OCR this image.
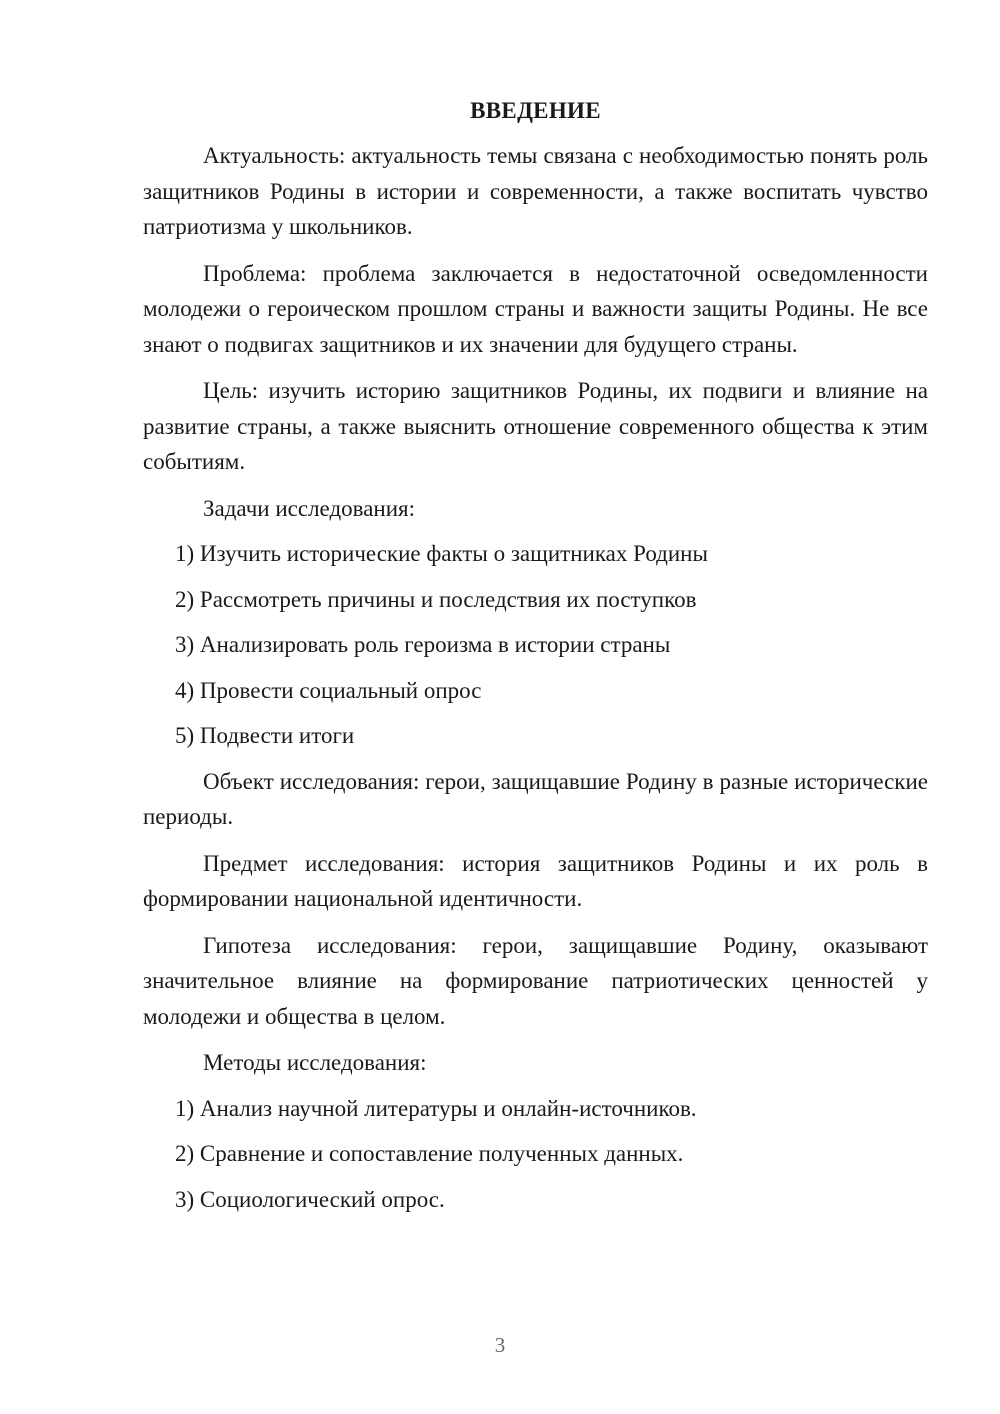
ВВЕДЕНИЕ

Актуальность: актуальность темы связана с необходимостью понять роль защитников Родины в истории и современности, а также воспитать чувство патриотизма у школьников.

Проблема: проблема заключается в недостаточной осведомленности молодежи о героическом прошлом страны и важности защиты Родины. Не все знают о подвигах защитников и их значении для будущего страны.

Цель: изучить историю защитников Родины, их подвиги и влияние на развитие страны, а также выяснить отношение современного общества к этим событиям.

Задачи исследования:

1) Изучить исторические факты о защитниках Родины

2) Рассмотреть причины и последствия их поступков

3) Анализировать роль героизма в истории страны

4) Провести социальный опрос

5) Подвести итоги

Объект исследования: герои, защищавшие Родину в разные исторические периоды.

Предмет исследования: история защитников Родины и их роль в формировании национальной идентичности.

Гипотеза исследования: герои, защищавшие Родину, оказывают значительное влияние на формирование патриотических ценностей у молодежи и общества в целом.

Методы исследования:

1) Анализ научной литературы и онлайн-источников.

2) Сравнение и сопоставление полученных данных.

3) Социологический опрос.

3
